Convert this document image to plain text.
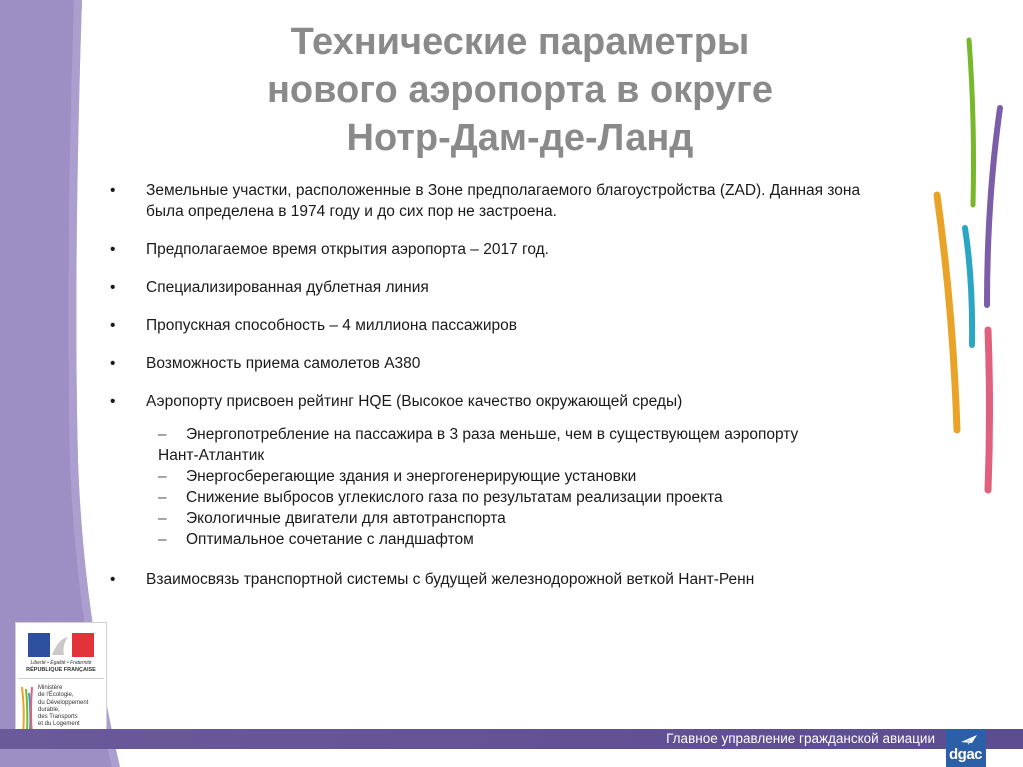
Технические параметры
нового аэропорта в округе
Нотр-Дам-де-Ланд
• Земельные участки, расположенные в Зоне предполагаемого благоустройства (ZAD). Данная зона была определена в 1974 году и до сих пор не застроена.
• Предполагаемое время открытия аэропорта – 2017 год.
• Специализированная дублетная линия
• Пропускная способность – 4 миллиона пассажиров
• Возможность приема самолетов А380
• Аэропорту присвоен рейтинг HQE (Высокое качество окружающей среды)
– Энергопотребление на пассажира в 3 раза меньше, чем в существующем аэропорту
Нант-Атлантик
– Энергосберегающие здания и энергогенерирующие установки
– Снижение выбросов углекислого газа по результатам реализации проекта
– Экологичные двигатели для автотранспорта
– Оптимальное сочетание с ландшафтом
• Взаимосвязь транспортной системы с будущей железнодорожной веткой Нант-Ренн
Liberté • Égalité • Fraternité
RÉPUBLIQUE FRANÇAISE
Ministère
de l'Écologie,
du Développement
durable,
des Transports
et du Logement
Главное управление гражданской авиации
dgac
